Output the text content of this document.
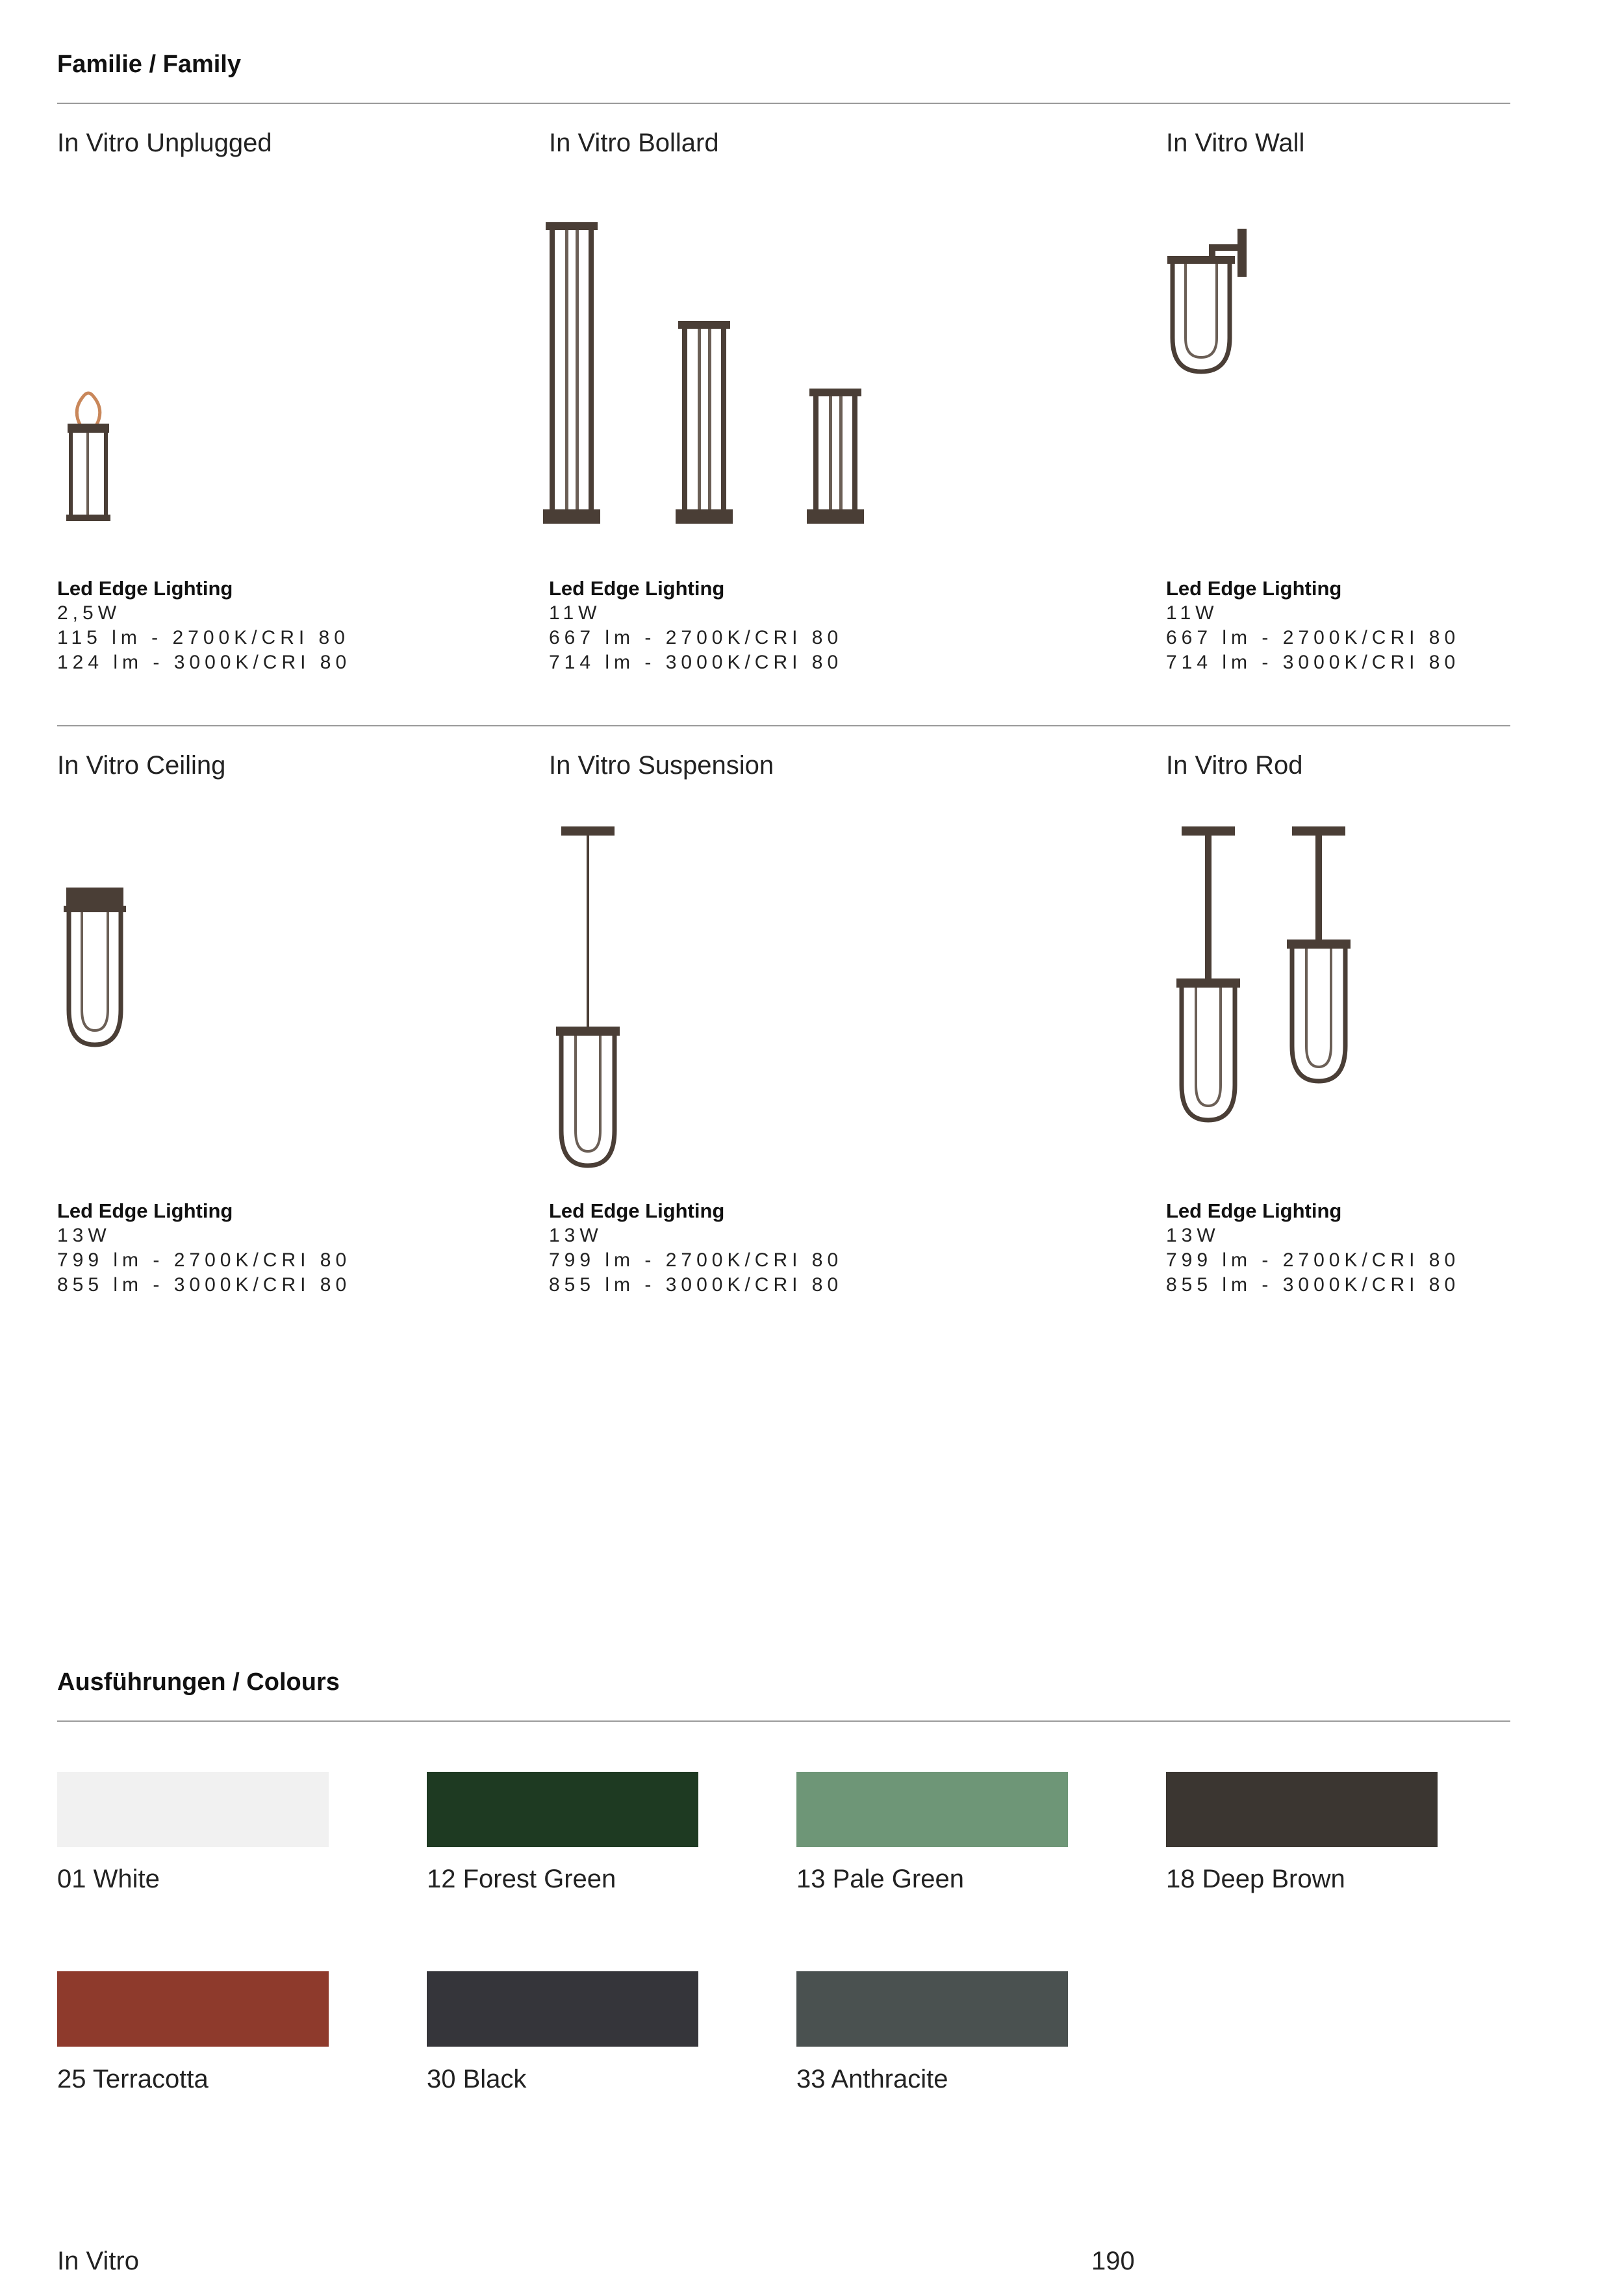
Familie / Family
In Vitro Unplugged
Led Edge Lighting
2,5W
115 lm - 2700K/CRI 80
124 lm - 3000K/CRI 80
In Vitro Bollard
Led Edge Lighting
11W
667 lm - 2700K/CRI 80
714 lm - 3000K/CRI 80
In Vitro Wall
Led Edge Lighting
11W
667 lm - 2700K/CRI 80
714 lm - 3000K/CRI 80
In Vitro Ceiling
Led Edge Lighting
13W
799 lm - 2700K/CRI 80
855 lm - 3000K/CRI 80
In Vitro Suspension
Led Edge Lighting
13W
799 lm - 2700K/CRI 80
855 lm - 3000K/CRI 80
In Vitro Rod
Led Edge Lighting
13W
799 lm - 2700K/CRI 80
855 lm - 3000K/CRI 80
Ausführungen / Colours
01 White	12 Forest Green	13 Pale Green	18 Deep Brown
25 Terracotta	30 Black	33 Anthracite
In Vitro	190
